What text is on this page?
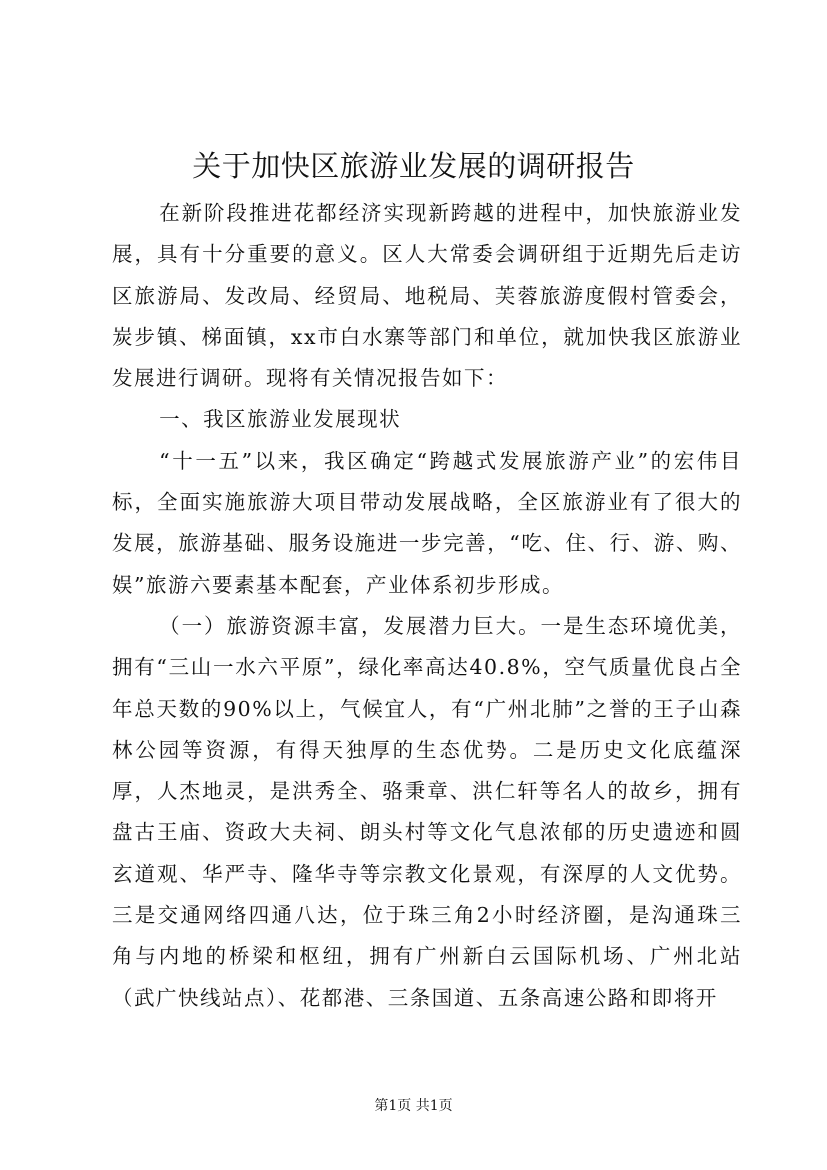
关于加快区旅游业发展的调研报告

在新阶段推进花都经济实现新跨越的进程中，加快旅游业发展，具有十分重要的意义。区人大常委会调研组于近期先后走访区旅游局、发改局、经贸局、地税局、芙蓉旅游度假村管委会，炭步镇、梯面镇，xx市白水寨等部门和单位，就加快我区旅游业发展进行调研。现将有关情况报告如下：

一、我区旅游业发展现状

“十一五”以来，我区确定“跨越式发展旅游产业”的宏伟目标，全面实施旅游大项目带动发展战略，全区旅游业有了很大的发展，旅游基础、服务设施进一步完善，“吃、住、行、游、购、娱”旅游六要素基本配套，产业体系初步形成。

（一）旅游资源丰富，发展潜力巨大。一是生态环境优美，拥有“三山一水六平原”，绿化率高达40.8%，空气质量优良占全年总天数的90%以上，气候宜人，有“广州北肺”之誉的王子山森林公园等资源，有得天独厚的生态优势。二是历史文化底蕴深厚，人杰地灵，是洪秀全、骆秉章、洪仁轩等名人的故乡，拥有盘古王庙、资政大夫祠、朗头村等文化气息浓郁的历史遗迹和圆玄道观、华严寺、隆华寺等宗教文化景观，有深厚的人文优势。三是交通网络四通八达，位于珠三角2小时经济圈，是沟通珠三角与内地的桥梁和枢纽，拥有广州新白云国际机场、广州北站（武广快线站点）、花都港、三条国道、五条高速公路和即将开

第1页 共1页
